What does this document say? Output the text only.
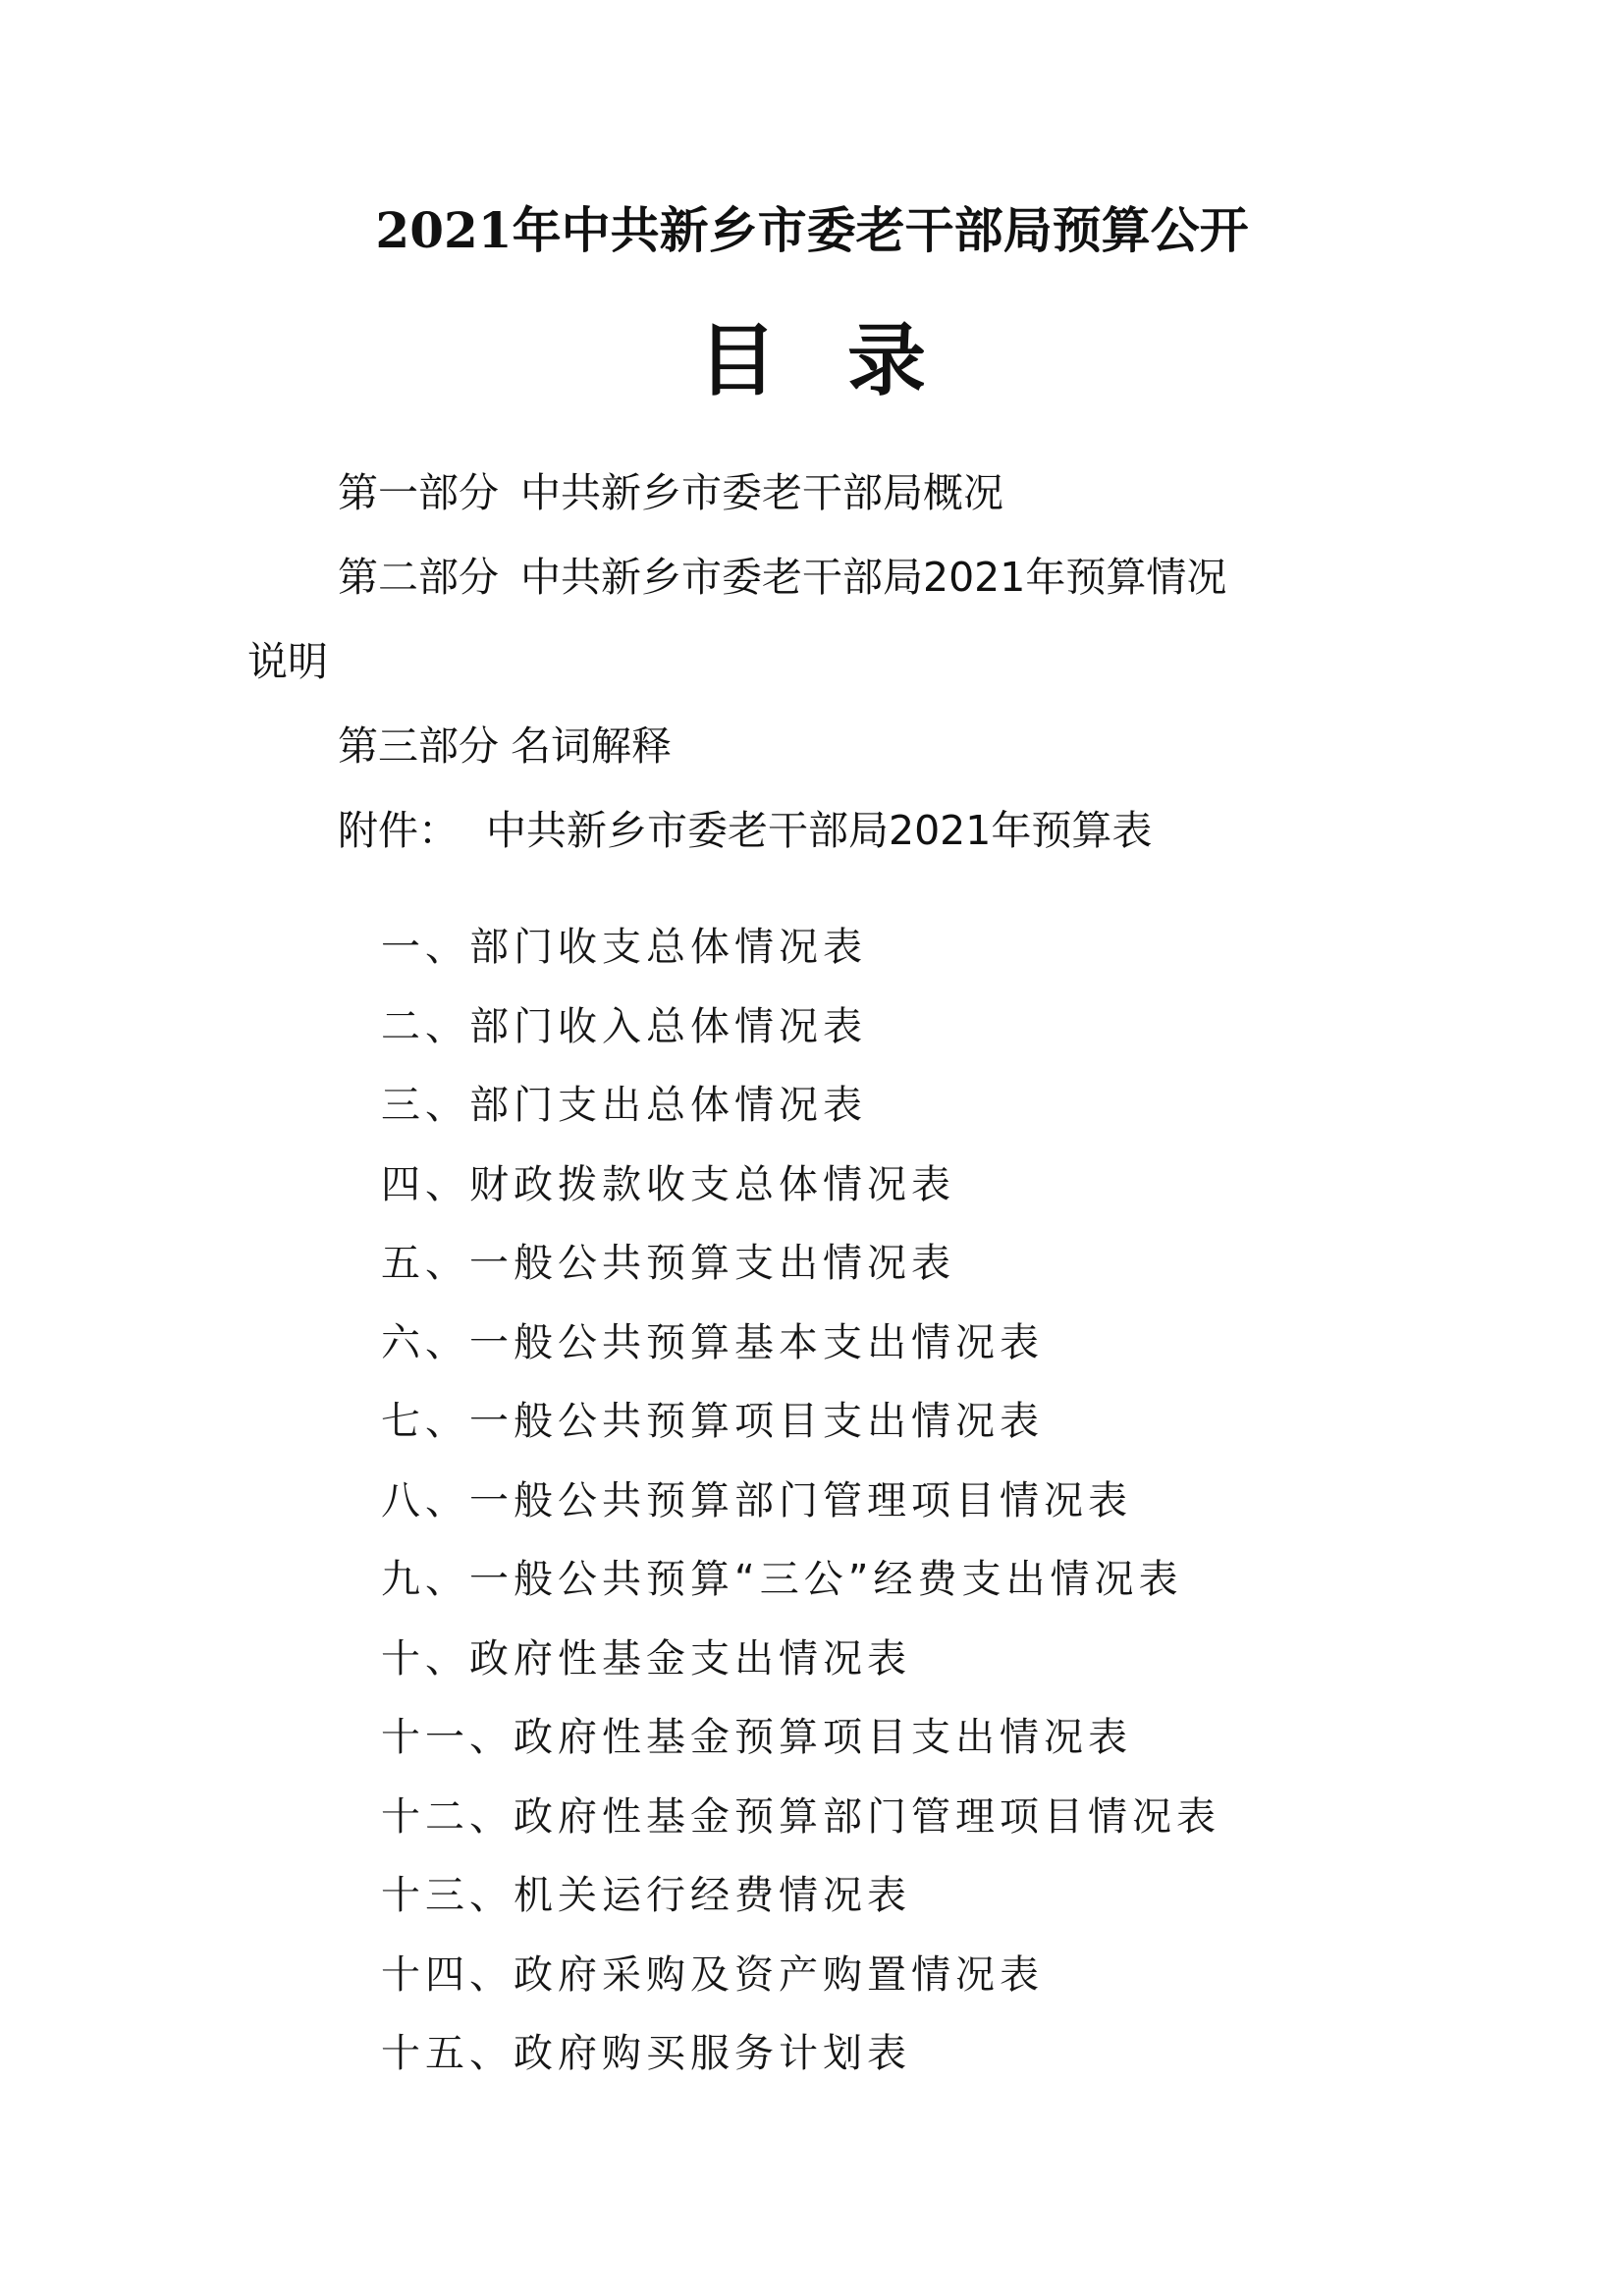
2021年中共新乡市委老干部局预算公开
目 录

第一部分 中共新乡市委老干部局概况

第二部分 中共新乡市委老干部局2021年预算情况

说明

第三部分 名词解释

附件： 中共新乡市委老干部局2021年预算表

一、部门收支总体情况表
二、部门收入总体情况表
三、部门支出总体情况表
四、财政拨款收支总体情况表
五、一般公共预算支出情况表
六、一般公共预算基本支出情况表
七、一般公共预算项目支出情况表
八、一般公共预算部门管理项目情况表
九、一般公共预算“三公”经费支出情况表
十、政府性基金支出情况表
十一、政府性基金预算项目支出情况表
十二、政府性基金预算部门管理项目情况表
十三、机关运行经费情况表
十四、政府采购及资产购置情况表
十五、政府购买服务计划表
